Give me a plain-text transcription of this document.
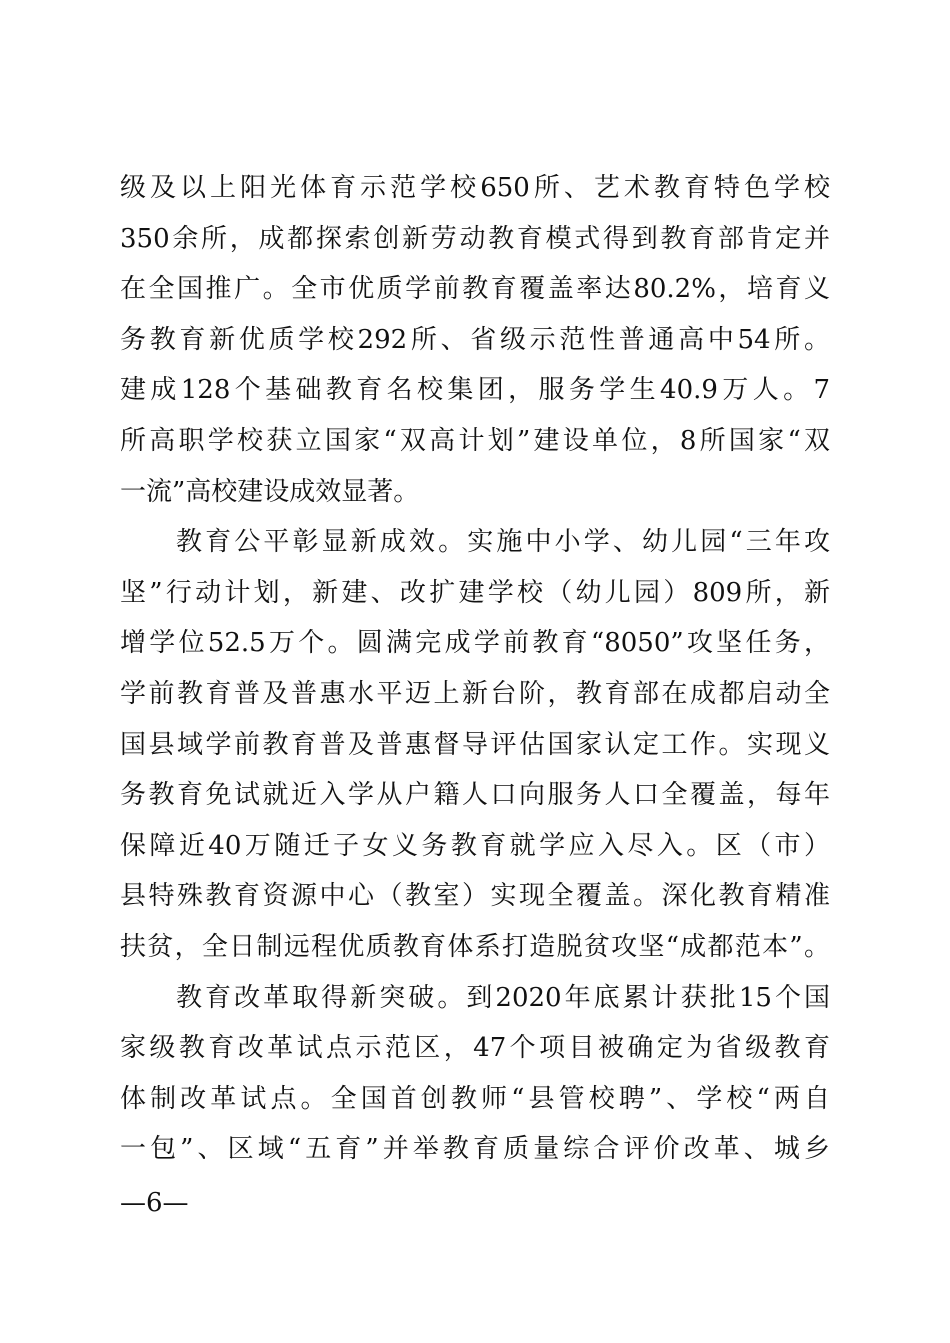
级及以上阳光体育示范学校650所、艺术教育特色学校
350余所，成都探索创新劳动教育模式得到教育部肯定并
在全国推广。全市优质学前教育覆盖率达80.2%，培育义
务教育新优质学校292所、省级示范性普通高中54所。
建成128个基础教育名校集团，服务学生40.9万人。7
所高职学校获立国家“双高计划”建设单位，8所国家“双
一流”高校建设成效显著。
教育公平彰显新成效。实施中小学、幼儿园“三年攻
坚”行动计划，新建、改扩建学校（幼儿园）809所，新
增学位52.5万个。圆满完成学前教育“8050”攻坚任务，
学前教育普及普惠水平迈上新台阶，教育部在成都启动全
国县域学前教育普及普惠督导评估国家认定工作。实现义
务教育免试就近入学从户籍人口向服务人口全覆盖，每年
保障近40万随迁子女义务教育就学应入尽入。区（市）
县特殊教育资源中心（教室）实现全覆盖。深化教育精准
扶贫，全日制远程优质教育体系打造脱贫攻坚“成都范本”。
教育改革取得新突破。到2020年底累计获批15个国
家级教育改革试点示范区，47个项目被确定为省级教育
体制改革试点。全国首创教师“县管校聘”、学校“两自
一包”、区域“五育”并举教育质量综合评价改革、城乡
—6—
